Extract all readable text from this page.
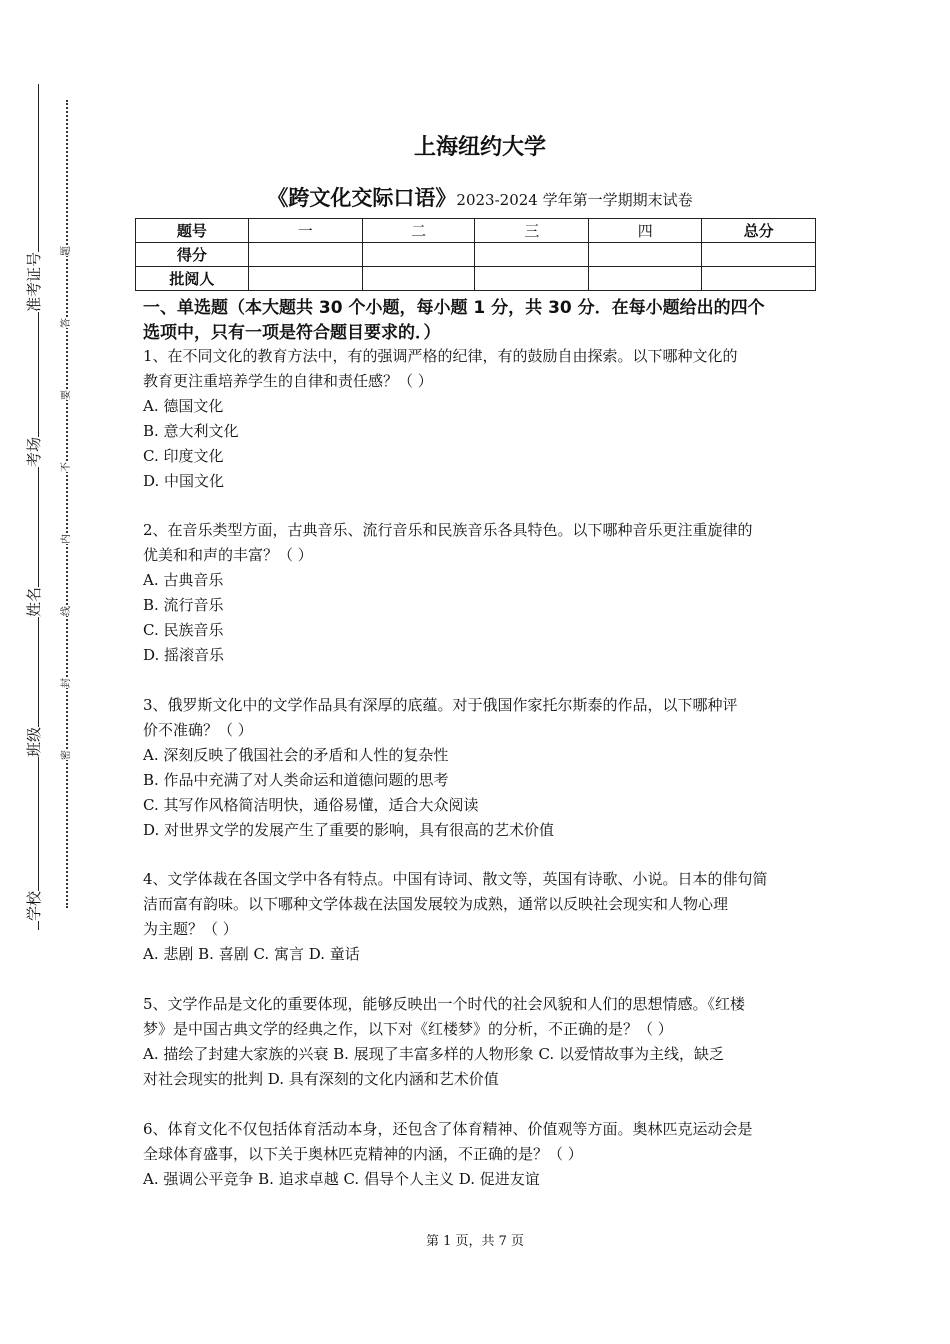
准考证号
考场
姓名
班级
学校
题
答
要
不
内
线
封
密
上海纽约大学
《跨文化交际口语》2023-2024 学年第一学期期末试卷
题号	一	二	三	四	总分
得分					
批阅人					
一、单选题（本大题共 30 个小题，每小题 1 分，共 30 分．在每小题给出的四个
选项中，只有一项是符合题目要求的．）
1、在不同文化的教育方法中，有的强调严格的纪律，有的鼓励自由探索。以下哪种文化的
教育更注重培养学生的自律和责任感？（ ）
A. 德国文化
B. 意大利文化
C. 印度文化
D. 中国文化
2、在音乐类型方面，古典音乐、流行音乐和民族音乐各具特色。以下哪种音乐更注重旋律的
优美和和声的丰富？（ ）
A. 古典音乐
B. 流行音乐
C. 民族音乐
D. 摇滚音乐
3、俄罗斯文化中的文学作品具有深厚的底蕴。对于俄国作家托尔斯泰的作品，以下哪种评
价不准确？（ ）
A. 深刻反映了俄国社会的矛盾和人性的复杂性
B. 作品中充满了对人类命运和道德问题的思考
C. 其写作风格简洁明快，通俗易懂，适合大众阅读
D. 对世界文学的发展产生了重要的影响，具有很高的艺术价值
4、文学体裁在各国文学中各有特点。中国有诗词、散文等，英国有诗歌、小说。日本的俳句简
洁而富有韵味。以下哪种文学体裁在法国发展较为成熟，通常以反映社会现实和人物心理
为主题？（ ）
A. 悲剧 B. 喜剧 C. 寓言 D. 童话
5、文学作品是文化的重要体现，能够反映出一个时代的社会风貌和人们的思想情感。《红楼
梦》是中国古典文学的经典之作，以下对《红楼梦》的分析，不正确的是？（ ）
A. 描绘了封建大家族的兴衰 B. 展现了丰富多样的人物形象 C. 以爱情故事为主线，缺乏
对社会现实的批判 D. 具有深刻的文化内涵和艺术价值
6、体育文化不仅包括体育活动本身，还包含了体育精神、价值观等方面。奥林匹克运动会是
全球体育盛事，以下关于奥林匹克精神的内涵，不正确的是？（ ）
A. 强调公平竞争 B. 追求卓越 C. 倡导个人主义 D. 促进友谊
第 1 页，共 7 页
